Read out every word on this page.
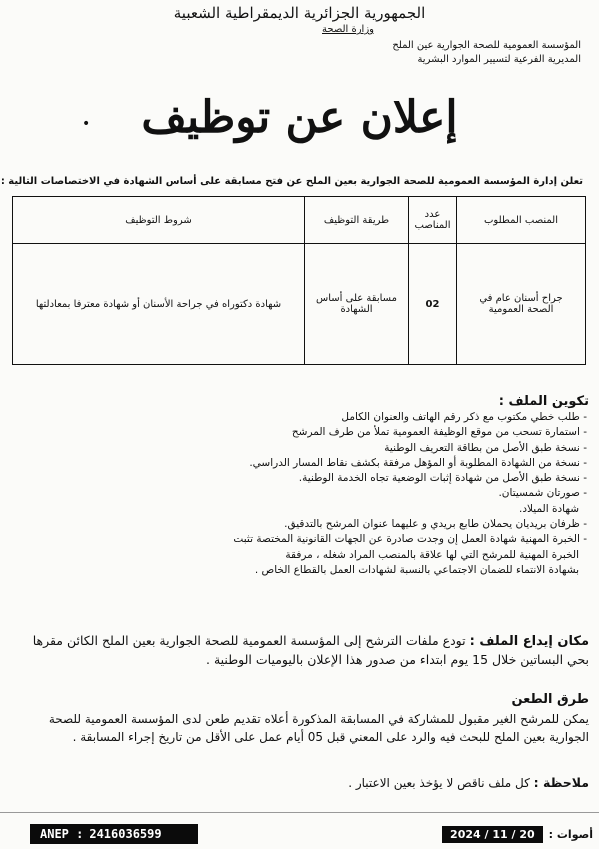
الجمهورية الجزائرية الديمقراطية الشعبية
وزارة الصحة
المؤسسة العمومية للصحة الجوارية عين الملح
المديرية الفرعية لتسيير الموارد البشرية
إعلان عن توظيف
•
تعلن إدارة المؤسسة العمومية للصحة الجوارية بعين الملح عن فتح مسابقة على أساس الشهادة في الاختصاصات التالية :
المنصب المطلوب	عدد المناصب	طريقة التوظيف	شروط التوظيف
جراح أسنان عام في الصحة العمومية	02	مسابقة على أساس الشهادة	شهادة دكتوراه في جراحة الأسنان أو شهادة معترفا بمعادلتها
تكوين الملف :
- طلب خطي مكتوب مع ذكر رقم الهاتف والعنوان الكامل
- استمارة تسحب من موقع الوظيفة العمومية تملأ من طرف المرشح
- نسخة طبق الأصل من بطاقة التعريف الوطنية
- نسخة من الشهادة المطلوبة أو المؤهل مرفقة بكشف نقاط المسار الدراسي.
- نسخة طبق الأصل من شهادة إثبات الوضعية تجاه الخدمة الوطنية.
- صورتان شمسيتان.
شهادة الميلاد.
- ظرفان بريديان يحملان طابع بريدي و عليهما عنوان المرشح بالتدقيق.
- الخبرة المهنية شهادة العمل إن وجدت صادرة عن الجهات القانونية المختصة تثبت
الخبرة المهنية للمرشح التي لها علاقة بالمنصب المراد شغله ، مرفقة
بشهادة الانتماء للضمان الاجتماعي بالنسبة لشهادات العمل بالقطاع الخاص .
مكان إيداع الملف : تودع ملفات الترشح إلى المؤسسة العمومية للصحة الجوارية بعين الملح الكائن مقرها بحي البساتين خلال 15 يوم ابتداء من صدور هذا الإعلان باليوميات الوطنية .
طرق الطعن
يمكن للمرشح الغير مقبول للمشاركة في المسابقة المذكورة أعلاه تقديم طعن لدى المؤسسة العمومية للصحة الجوارية بعين الملح للبحث فيه والرد على المعني قبل 05 أيام عمل على الأقل من تاريخ إجراء المسابقة .
ملاحظة : كل ملف ناقص لا يؤخذ بعين الاعتبار .
ANEP : 2416036599	أصوات :
2024 / 11 / 20
